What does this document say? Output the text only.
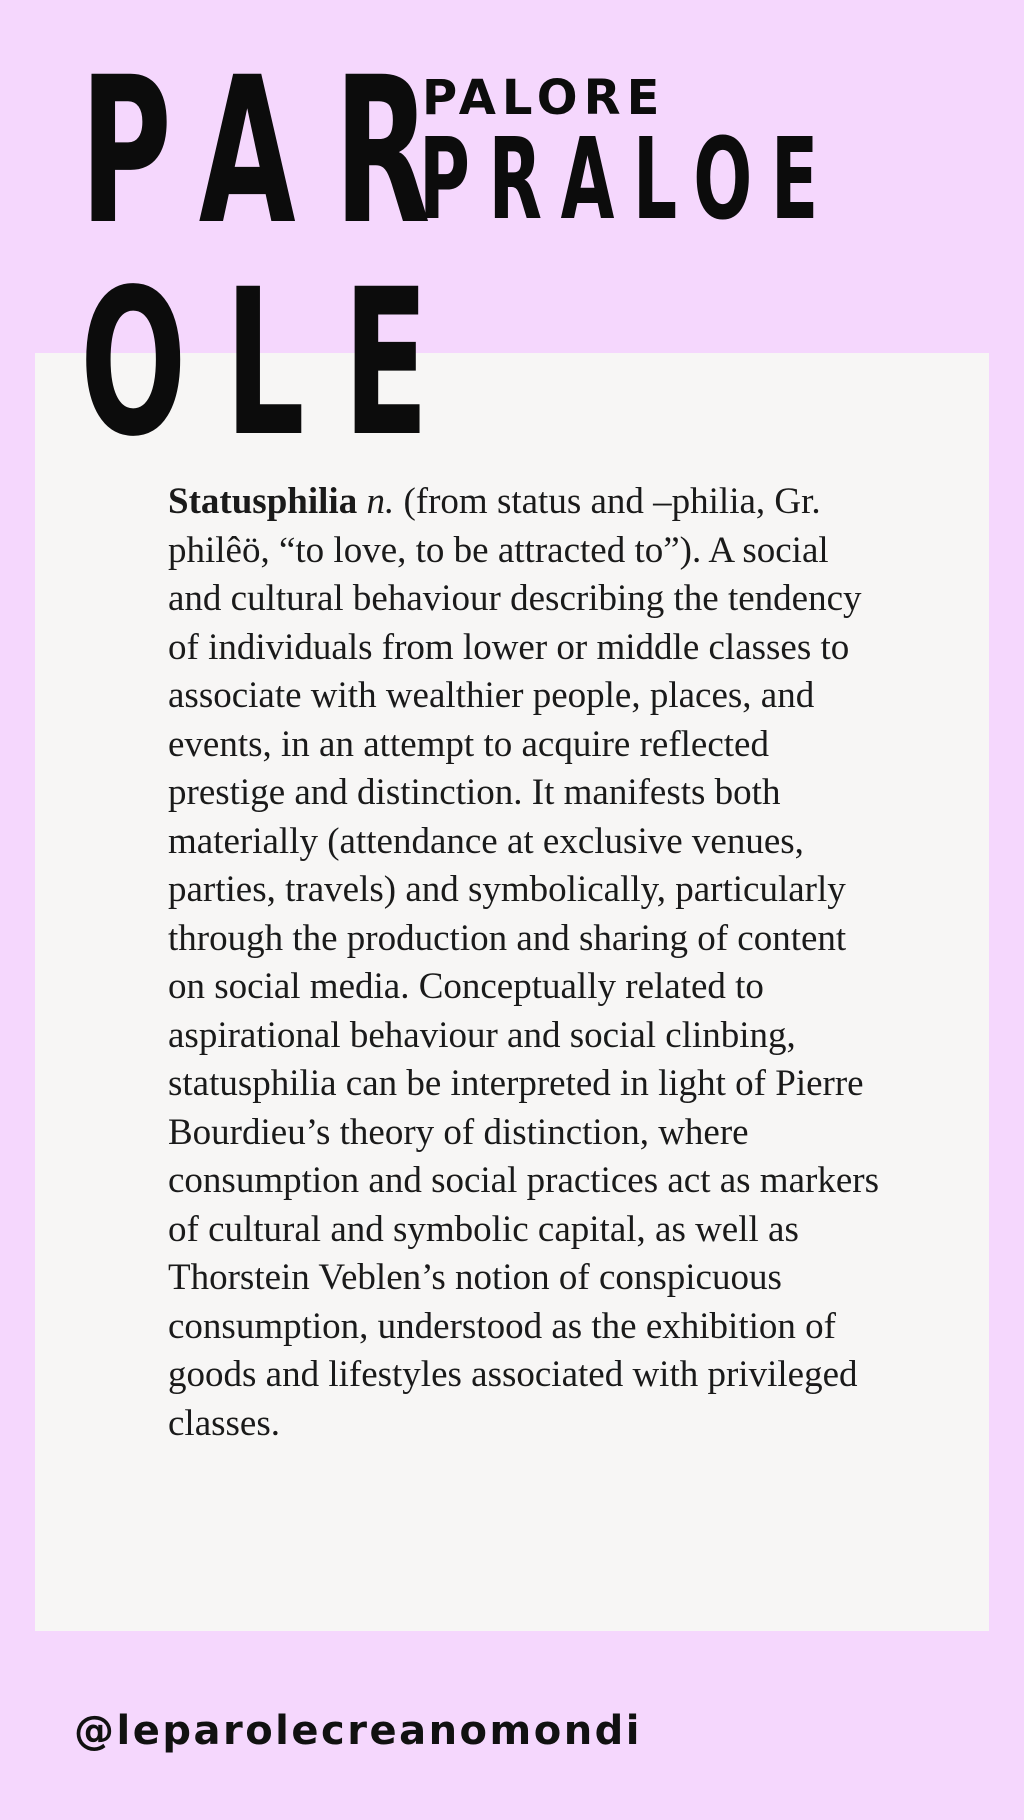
PAR
OLE
PALORE
PRALOE

Statusphilia n. (from status and –philia, Gr. philêö, “to love, to be attracted to”). A social and cultural behaviour describing the tendency of individuals from lower or middle classes to associate with wealthier people, places, and events, in an attempt to acquire reflected prestige and distinction. It manifests both materially (attendance at exclusive venues, parties, travels) and symbolically, particularly through the production and sharing of content on social media. Conceptually related to aspirational behaviour and social clinbing, statusphilia can be interpreted in light of Pierre Bourdieu’s theory of distinction, where consumption and social practices act as markers of cultural and symbolic capital, as well as Thorstein Veblen’s notion of conspicuous consumption, understood as the exhibition of goods and lifestyles associated with privileged classes.

@leparolecreanomondi
